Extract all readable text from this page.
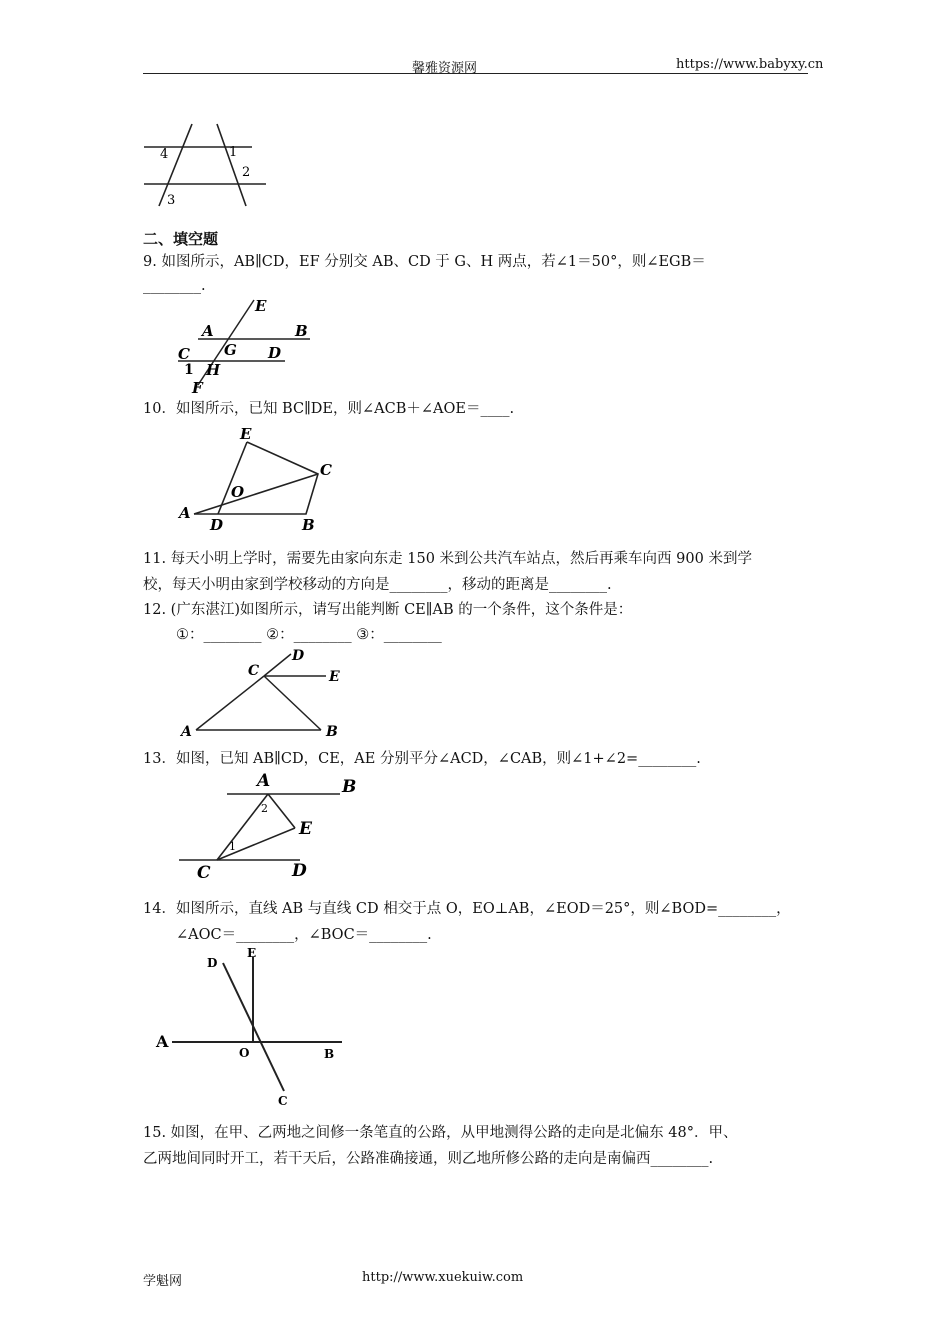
馨雅资源网	https://www.babyxy.cn
4	1
2
3
二、填空题
9. 如图所示，AB∥CD，EF 分别交 AB、CD 于 G、H 两点，若∠1＝50°，则∠EGB＝
________.
E
A	B
C G D
1 H
F
10．如图所示，已知 BC∥DE，则∠ACB＋∠AOE＝____.
E
C
O
A
D	B
11. 每天小明上学时，需要先由家向东走 150 米到公共汽车站点，然后再乘车向西 900 米到学
校，每天小明由家到学校移动的方向是________，移动的距离是________.
12. (广东湛江)如图所示，请写出能判断 CE∥AB 的一个条件，这个条件是：
①：________ ②：________ ③：________
D
C	E
A	B
13．如图，已知 AB∥CD，CE，AE 分别平分∠ACD，∠CAB，则∠1+∠2=________.
A	B
2
E
1
C	D
14．如图所示，直线 AB 与直线 CD 相交于点 O，EO⊥AB，∠EOD＝25°，则∠BOD=________，
∠AOC＝________，∠BOC＝________.
D
E
A
O	B
C
15. 如图，在甲、乙两地之间修一条笔直的公路，从甲地测得公路的走向是北偏东 48°．甲、
乙两地间同时开工，若干天后，公路准确接通，则乙地所修公路的走向是南偏西________.
学魁网	http://www.xuekuiw.com
